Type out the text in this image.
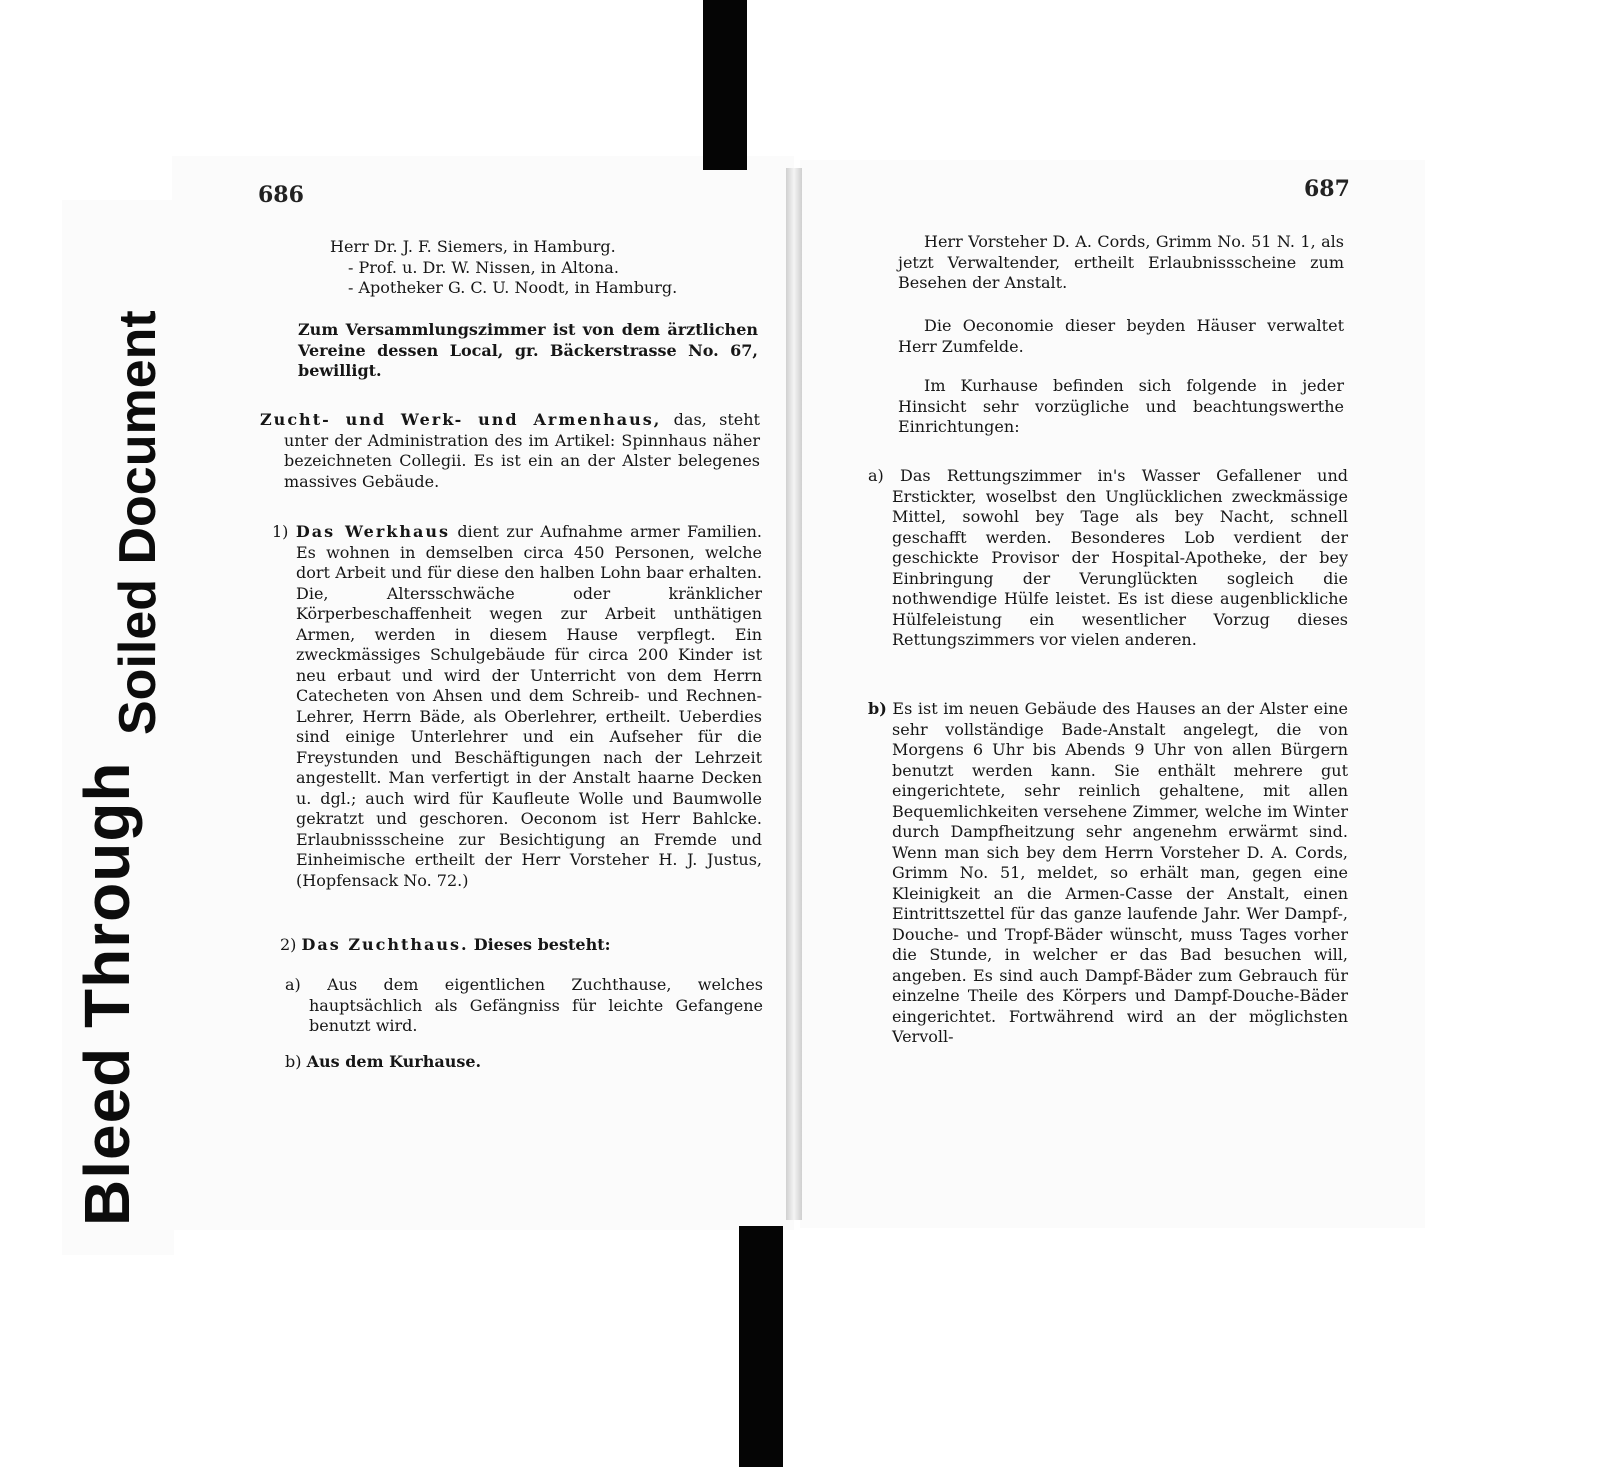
Bleed Through
Soiled Document
686

Herr Dr. J. F. Siemers, in Hamburg.

- Prof. u. Dr. W. Nissen, in Altona.

- Apotheker G. C. U. Noodt, in Hamburg.

Zum Versammlungszimmer ist von dem ärztlichen Vereine dessen Local, gr. Bäckerstrasse No. 67, bewilligt.

Zucht- und Werk- und Armenhaus, das, steht unter der Administration des im Artikel: Spinnhaus näher bezeichneten Collegii. Es ist ein an der Alster belegenes massives Gebäude.

1) Das Werkhaus dient zur Aufnahme armer Familien. Es wohnen in demselben circa 450 Personen, welche dort Arbeit und für diese den halben Lohn baar erhalten. Die, Altersschwäche oder kränklicher Körperbeschaffenheit wegen zur Arbeit unthätigen Armen, werden in diesem Hause verpflegt. Ein zweckmässiges Schulgebäude für circa 200 Kinder ist neu erbaut und wird der Unterricht von dem Herrn Catecheten von Ahsen und dem Schreib- und Rechnen-Lehrer, Herrn Bäde, als Oberlehrer, ertheilt. Ueberdies sind einige Unterlehrer und ein Aufseher für die Freystunden und Beschäftigungen nach der Lehrzeit angestellt. Man verfertigt in der Anstalt haarne Decken u. dgl.; auch wird für Kaufleute Wolle und Baumwolle gekratzt und geschoren. Oeconom ist Herr Bahlcke. Erlaubnissscheine zur Besichtigung an Fremde und Einheimische ertheilt der Herr Vorsteher H. J. Justus, (Hopfensack No. 72.)

2) Das Zuchthaus. Dieses besteht:

a) Aus dem eigentlichen Zuchthause, welches hauptsächlich als Gefängniss für leichte Gefangene benutzt wird.

b) Aus dem Kurhause.

687

Herr Vorsteher D. A. Cords, Grimm No. 51 N. 1, als jetzt Verwaltender, ertheilt Erlaubnissscheine zum Besehen der Anstalt.

Die Oeconomie dieser beyden Häuser verwaltet Herr Zumfelde.

Im Kurhause befinden sich folgende in jeder Hinsicht sehr vorzügliche und beachtungswerthe Einrichtungen:

a) Das Rettungszimmer in's Wasser Gefallener und Erstickter, woselbst den Unglücklichen zweckmässige Mittel, sowohl bey Tage als bey Nacht, schnell geschafft werden. Besonderes Lob verdient der geschickte Provisor der Hospital-Apotheke, der bey Einbringung der Verunglückten sogleich die nothwendige Hülfe leistet. Es ist diese augenblickliche Hülfeleistung ein wesentlicher Vorzug dieses Rettungszimmers vor vielen anderen.

b) Es ist im neuen Gebäude des Hauses an der Alster eine sehr vollständige Bade-Anstalt angelegt, die von Morgens 6 Uhr bis Abends 9 Uhr von allen Bürgern benutzt werden kann. Sie enthält mehrere gut eingerichtete, sehr reinlich gehaltene, mit allen Bequemlichkeiten versehene Zimmer, welche im Winter durch Dampfheitzung sehr angenehm erwärmt sind. Wenn man sich bey dem Herrn Vorsteher D. A. Cords, Grimm No. 51, meldet, so erhält man, gegen eine Kleinigkeit an die Armen-Casse der Anstalt, einen Eintrittszettel für das ganze laufende Jahr. Wer Dampf-, Douche- und Tropf-Bäder wünscht, muss Tages vorher die Stunde, in welcher er das Bad besuchen will, angeben. Es sind auch Dampf-Bäder zum Gebrauch für einzelne Theile des Körpers und Dampf-Douche-Bäder eingerichtet. Fortwährend wird an der möglichsten Vervoll-
